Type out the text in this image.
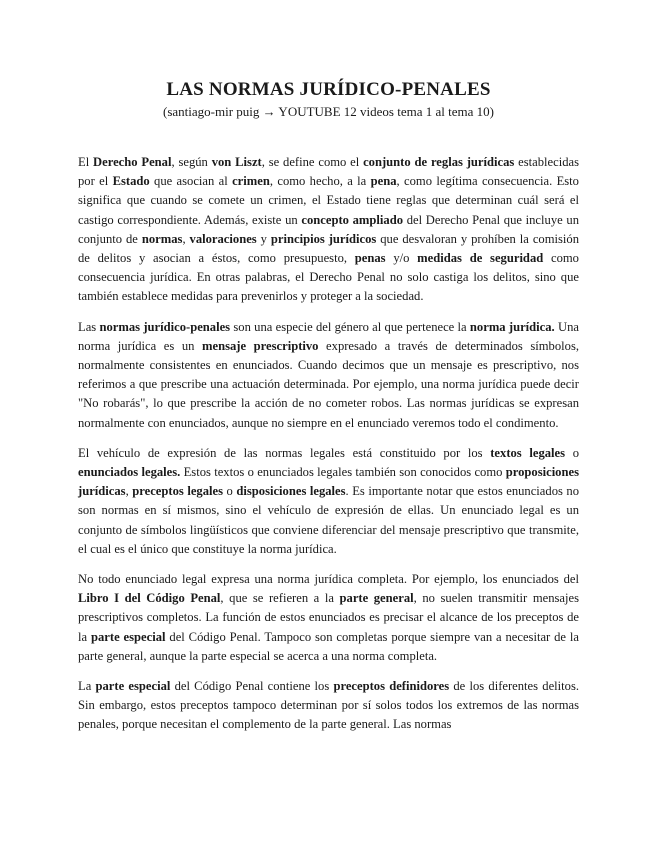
LAS NORMAS JURÍDICO-PENALES
(santiago-mir puig → YOUTUBE 12 videos tema 1 al tema 10)

El Derecho Penal, según von Liszt, se define como el conjunto de reglas jurídicas establecidas por el Estado que asocian al crimen, como hecho, a la pena, como legítima consecuencia. Esto significa que cuando se comete un crimen, el Estado tiene reglas que determinan cuál será el castigo correspondiente. Además, existe un concepto ampliado del Derecho Penal que incluye un conjunto de normas, valoraciones y principios jurídicos que desvaloran y prohíben la comisión de delitos y asocian a éstos, como presupuesto, penas y/o medidas de seguridad como consecuencia jurídica. En otras palabras, el Derecho Penal no solo castiga los delitos, sino que también establece medidas para prevenirlos y proteger a la sociedad.

Las normas jurídico-penales son una especie del género al que pertenece la norma jurídica. Una norma jurídica es un mensaje prescriptivo expresado a través de determinados símbolos, normalmente consistentes en enunciados. Cuando decimos que un mensaje es prescriptivo, nos referimos a que prescribe una actuación determinada. Por ejemplo, una norma jurídica puede decir "No robarás", lo que prescribe la acción de no cometer robos. Las normas jurídicas se expresan normalmente con enunciados, aunque no siempre en el enunciado veremos todo el condimento.

El vehículo de expresión de las normas legales está constituido por los textos legales o enunciados legales. Estos textos o enunciados legales también son conocidos como proposiciones jurídicas, preceptos legales o disposiciones legales. Es importante notar que estos enunciados no son normas en sí mismos, sino el vehículo de expresión de ellas. Un enunciado legal es un conjunto de símbolos lingüísticos que conviene diferenciar del mensaje prescriptivo que transmite, el cual es el único que constituye la norma jurídica.

No todo enunciado legal expresa una norma jurídica completa. Por ejemplo, los enunciados del Libro I del Código Penal, que se refieren a la parte general, no suelen transmitir mensajes prescriptivos completos. La función de estos enunciados es precisar el alcance de los preceptos de la parte especial del Código Penal. Tampoco son completas porque siempre van a necesitar de la parte general, aunque la parte especial se acerca a una norma completa.

La parte especial del Código Penal contiene los preceptos definidores de los diferentes delitos. Sin embargo, estos preceptos tampoco determinan por sí solos todos los extremos de las normas penales, porque necesitan el complemento de la parte general. Las normas
